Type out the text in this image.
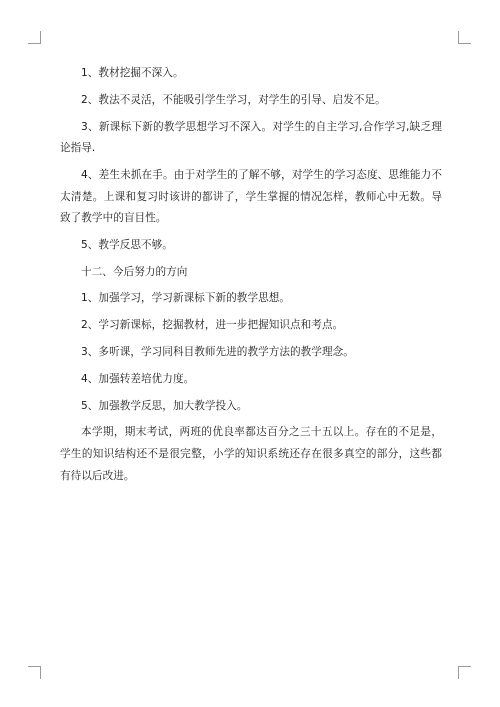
1、教材挖掘不深入。

2、教法不灵活，不能吸引学生学习，对学生的引导、启发不足。

3、新课标下新的教学思想学习不深入。对学生的自主学习,合作学习,缺乏理论指导.

4、差生未抓在手。由于对学生的了解不够，对学生的学习态度、思维能力不太清楚。上课和复习时该讲的都讲了，学生掌握的情况怎样，教师心中无数。导致了教学中的盲目性。

5、教学反思不够。

十二、今后努力的方向

1、加强学习，学习新课标下新的教学思想。

2、学习新课标，挖掘教材，进一步把握知识点和考点。

3、多听课，学习同科目教师先进的教学方法的教学理念。

4、加强转差培优力度。

5、加强教学反思，加大教学投入。

本学期，期末考试，两班的优良率都达百分之三十五以上。存在的不足是，学生的知识结构还不是很完整，小学的知识系统还存在很多真空的部分，这些都有待以后改进。
